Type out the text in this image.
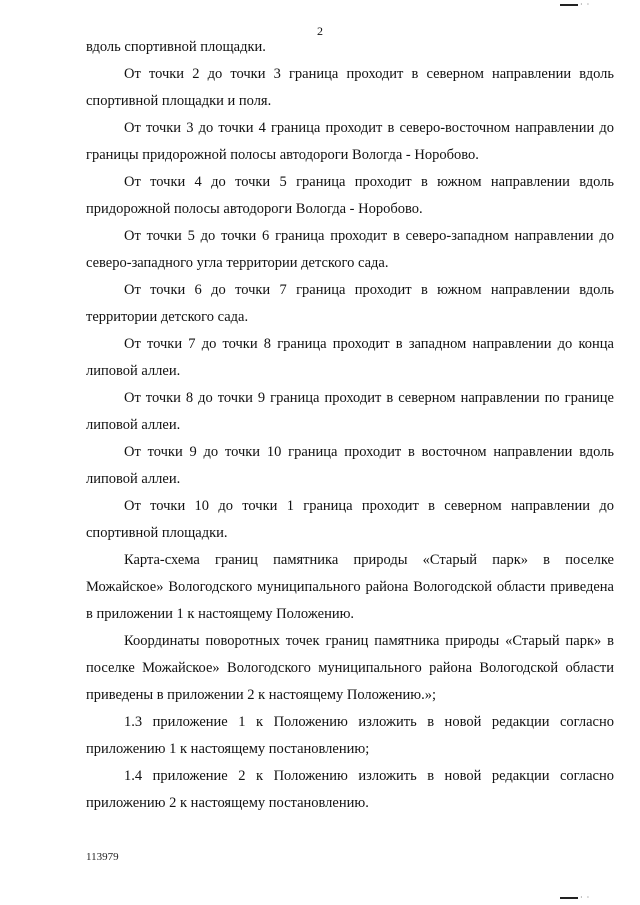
· ·
2

вдоль спортивной площадки.

От точки 2 до точки 3 граница проходит в северном направлении вдоль спортивной площадки и поля.

От точки 3 до точки 4 граница проходит в северо-восточном направлении до границы придорожной полосы автодороги Вологда - Норобово.

От точки 4 до точки 5 граница проходит в южном направлении вдоль придорожной полосы автодороги Вологда - Норобово.

От точки 5 до точки 6 граница проходит в северо-западном направлении до северо-западного угла территории детского сада.

От точки 6 до точки 7 граница проходит в южном направлении вдоль территории детского сада.

От точки 7 до точки 8 граница проходит в западном направлении до конца липовой аллеи.

От точки 8 до точки 9 граница проходит в северном направлении по границе липовой аллеи.

От точки 9 до точки 10 граница проходит в восточном направлении вдоль липовой аллеи.

От точки 10 до точки 1 граница проходит в северном направлении до спортивной площадки.

Карта-схема границ памятника природы «Старый парк» в поселке Можайское» Вологодского муниципального района Вологодской области приведена в приложении 1 к настоящему Положению.

Координаты поворотных точек границ памятника природы «Старый парк» в поселке Можайское» Вологодского муниципального района Вологодской области приведены в приложении 2 к настоящему Положению.»;

1.3 приложение 1 к Положению изложить в новой редакции согласно приложению 1 к настоящему постановлению;

1.4 приложение 2 к Положению изложить в новой редакции согласно приложению 2 к настоящему постановлению.

113979
· ·
